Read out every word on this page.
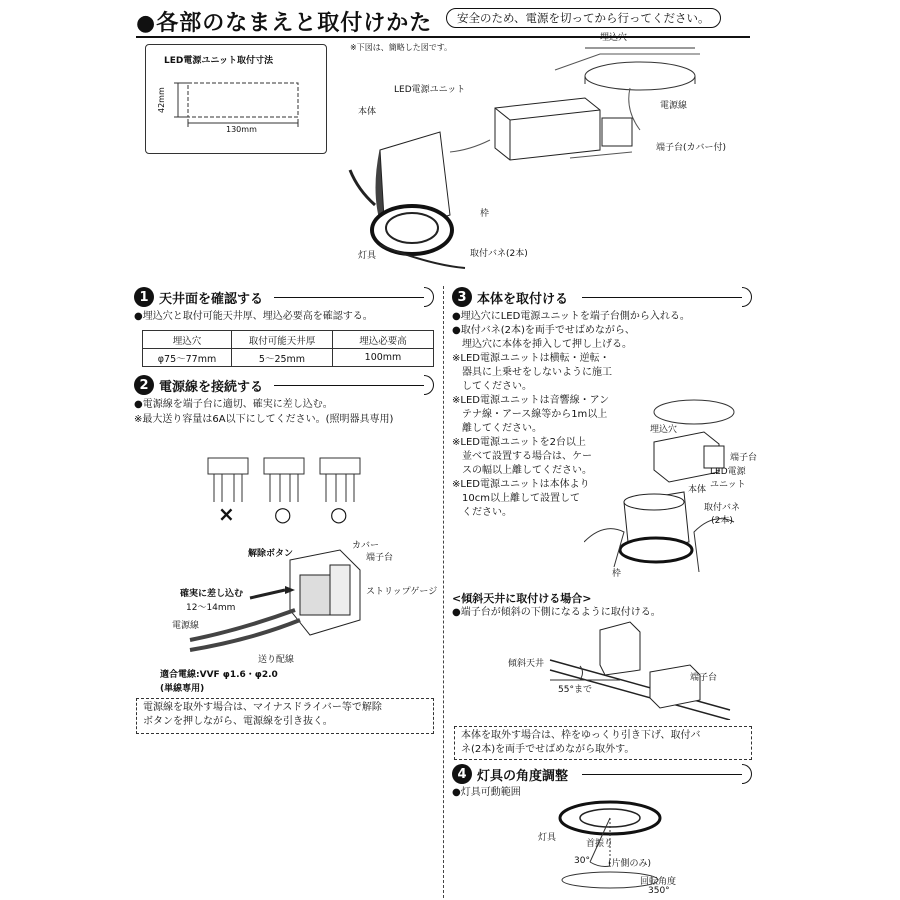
●各部のなまえと取付けかた	安全のため、電源を切ってから行ってください。
LED電源ユニット取付寸法
42mm
130mm
※下図は、簡略した図です。
埋込穴
LED電源ユニット
本体
電源線
端子台(カバー付)
枠
灯具	取付バネ(2本)
1 天井面を確認する
●埋込穴と取付可能天井厚、埋込必要高を確認する。
埋込穴	取付可能天井厚	埋込必要高
φ75〜77mm	5〜25mm	100mm
2 電源線を接続する
●電源線を端子台に適切、確実に差し込む。
※最大送り容量は6A以下にしてください。(照明器具専用)
× ○ ○
解除ボタン
カバー
端子台
確実に差し込む
12〜14mm
ストリップゲージ
電源線
送り配線
適合電線:VVF φ1.6・φ2.0
(単線専用)
電源線を取外す場合は、マイナスドライバー等で解除
ボタンを押しながら、電源線を引き抜く。
3 本体を取付ける
●埋込穴にLED電源ユニットを端子台側から入れる。
●取付バネ(2本)を両手でせばめながら、
　埋込穴に本体を挿入して押し上げる。
※LED電源ユニットは横転・逆転・
　器具に上乗せをしないように施工
　してください。
※LED電源ユニットは音響線・アン
　テナ線・アース線等から1m以上
　離してください。
※LED電源ユニットを2台以上
　並べて設置する場合は、ケー
　スの幅以上離してください。
※LED電源ユニットは本体より
　10cm以上離して設置して
　ください。
埋込穴
端子台
LED電源
ユニット
本体
取付バネ
(2本)
枠
<傾斜天井に取付ける場合>
●端子台が傾斜の下側になるように取付ける。
傾斜天井
端子台
55°まで
本体を取外す場合は、枠をゆっくり引き下げ、取付バ
ネ(2本)を両手でせばめながら取外す。
4 灯具の角度調整
●灯具可動範囲
灯具
首振り
30° (片側のみ)
回転角度
350°
